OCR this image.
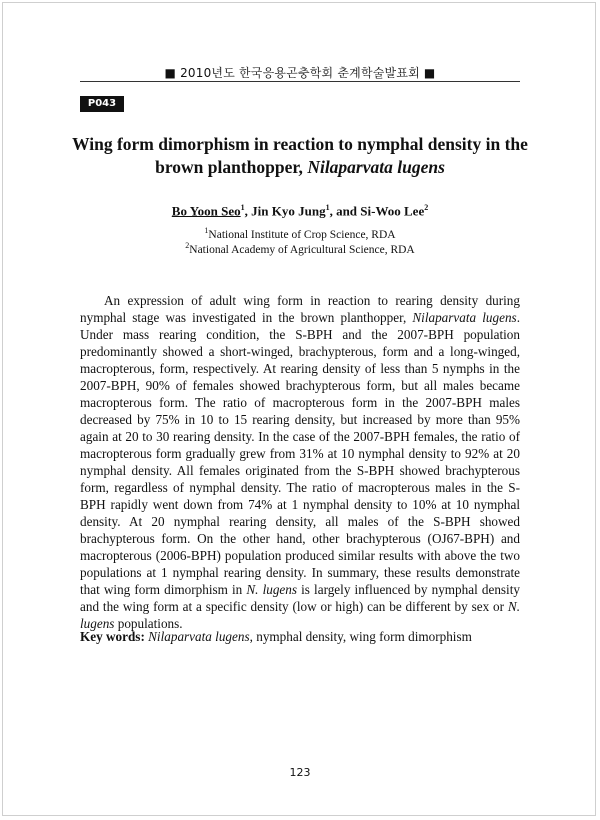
■ 2010년도 한국응용곤충학회 춘계학술발표회 ■
P043
Wing form dimorphism in reaction to nymphal density in the
brown planthopper, Nilaparvata lugens
Bo Yoon Seo$^1$, Jin Kyo Jung$^1$, and Si-Woo Lee$^2$
$^1$National Institute of Crop Science, RDA
$^2$National Academy of Agricultural Science, RDA
An expression of adult wing form in reaction to rearing density during nymphal stage was investigated in the brown planthopper, Nilaparvata lugens. Under mass rearing condition, the S-BPH and the 2007-BPH population predominantly showed a short-winged, brachypterous, form and a long-winged, macropterous, form, respectively. At rearing density of less than 5 nymphs in the 2007-BPH, 90% of females showed brachypterous form, but all males became macropterous form. The ratio of macropterous form in the 2007-BPH males decreased by 75% in 10 to 15 rearing density, but increased by more than 95% again at 20 to 30 rearing density. In the case of the 2007-BPH females, the ratio of macropterous form gradually grew from 31% at 10 nymphal density to 92% at 20 nymphal density. All females originated from the S-BPH showed brachypterous form, regardless of nymphal density. The ratio of macropterous males in the S-BPH rapidly went down from 74% at 1 nymphal density to 10% at 10 nymphal density. At 20 nymphal rearing density, all males of the S-BPH showed brachypterous form. On the other hand, other brachypterous (OJ67-BPH) and macropterous (2006-BPH) population produced similar results with above the two populations at 1 nymphal rearing density. In summary, these results demonstrate that wing form dimorphism in N. lugens is largely influenced by nymphal density and the wing form at a specific density (low or high) can be different by sex or N. lugens populations.
Key words: Nilaparvata lugens, nymphal density, wing form dimorphism
123
